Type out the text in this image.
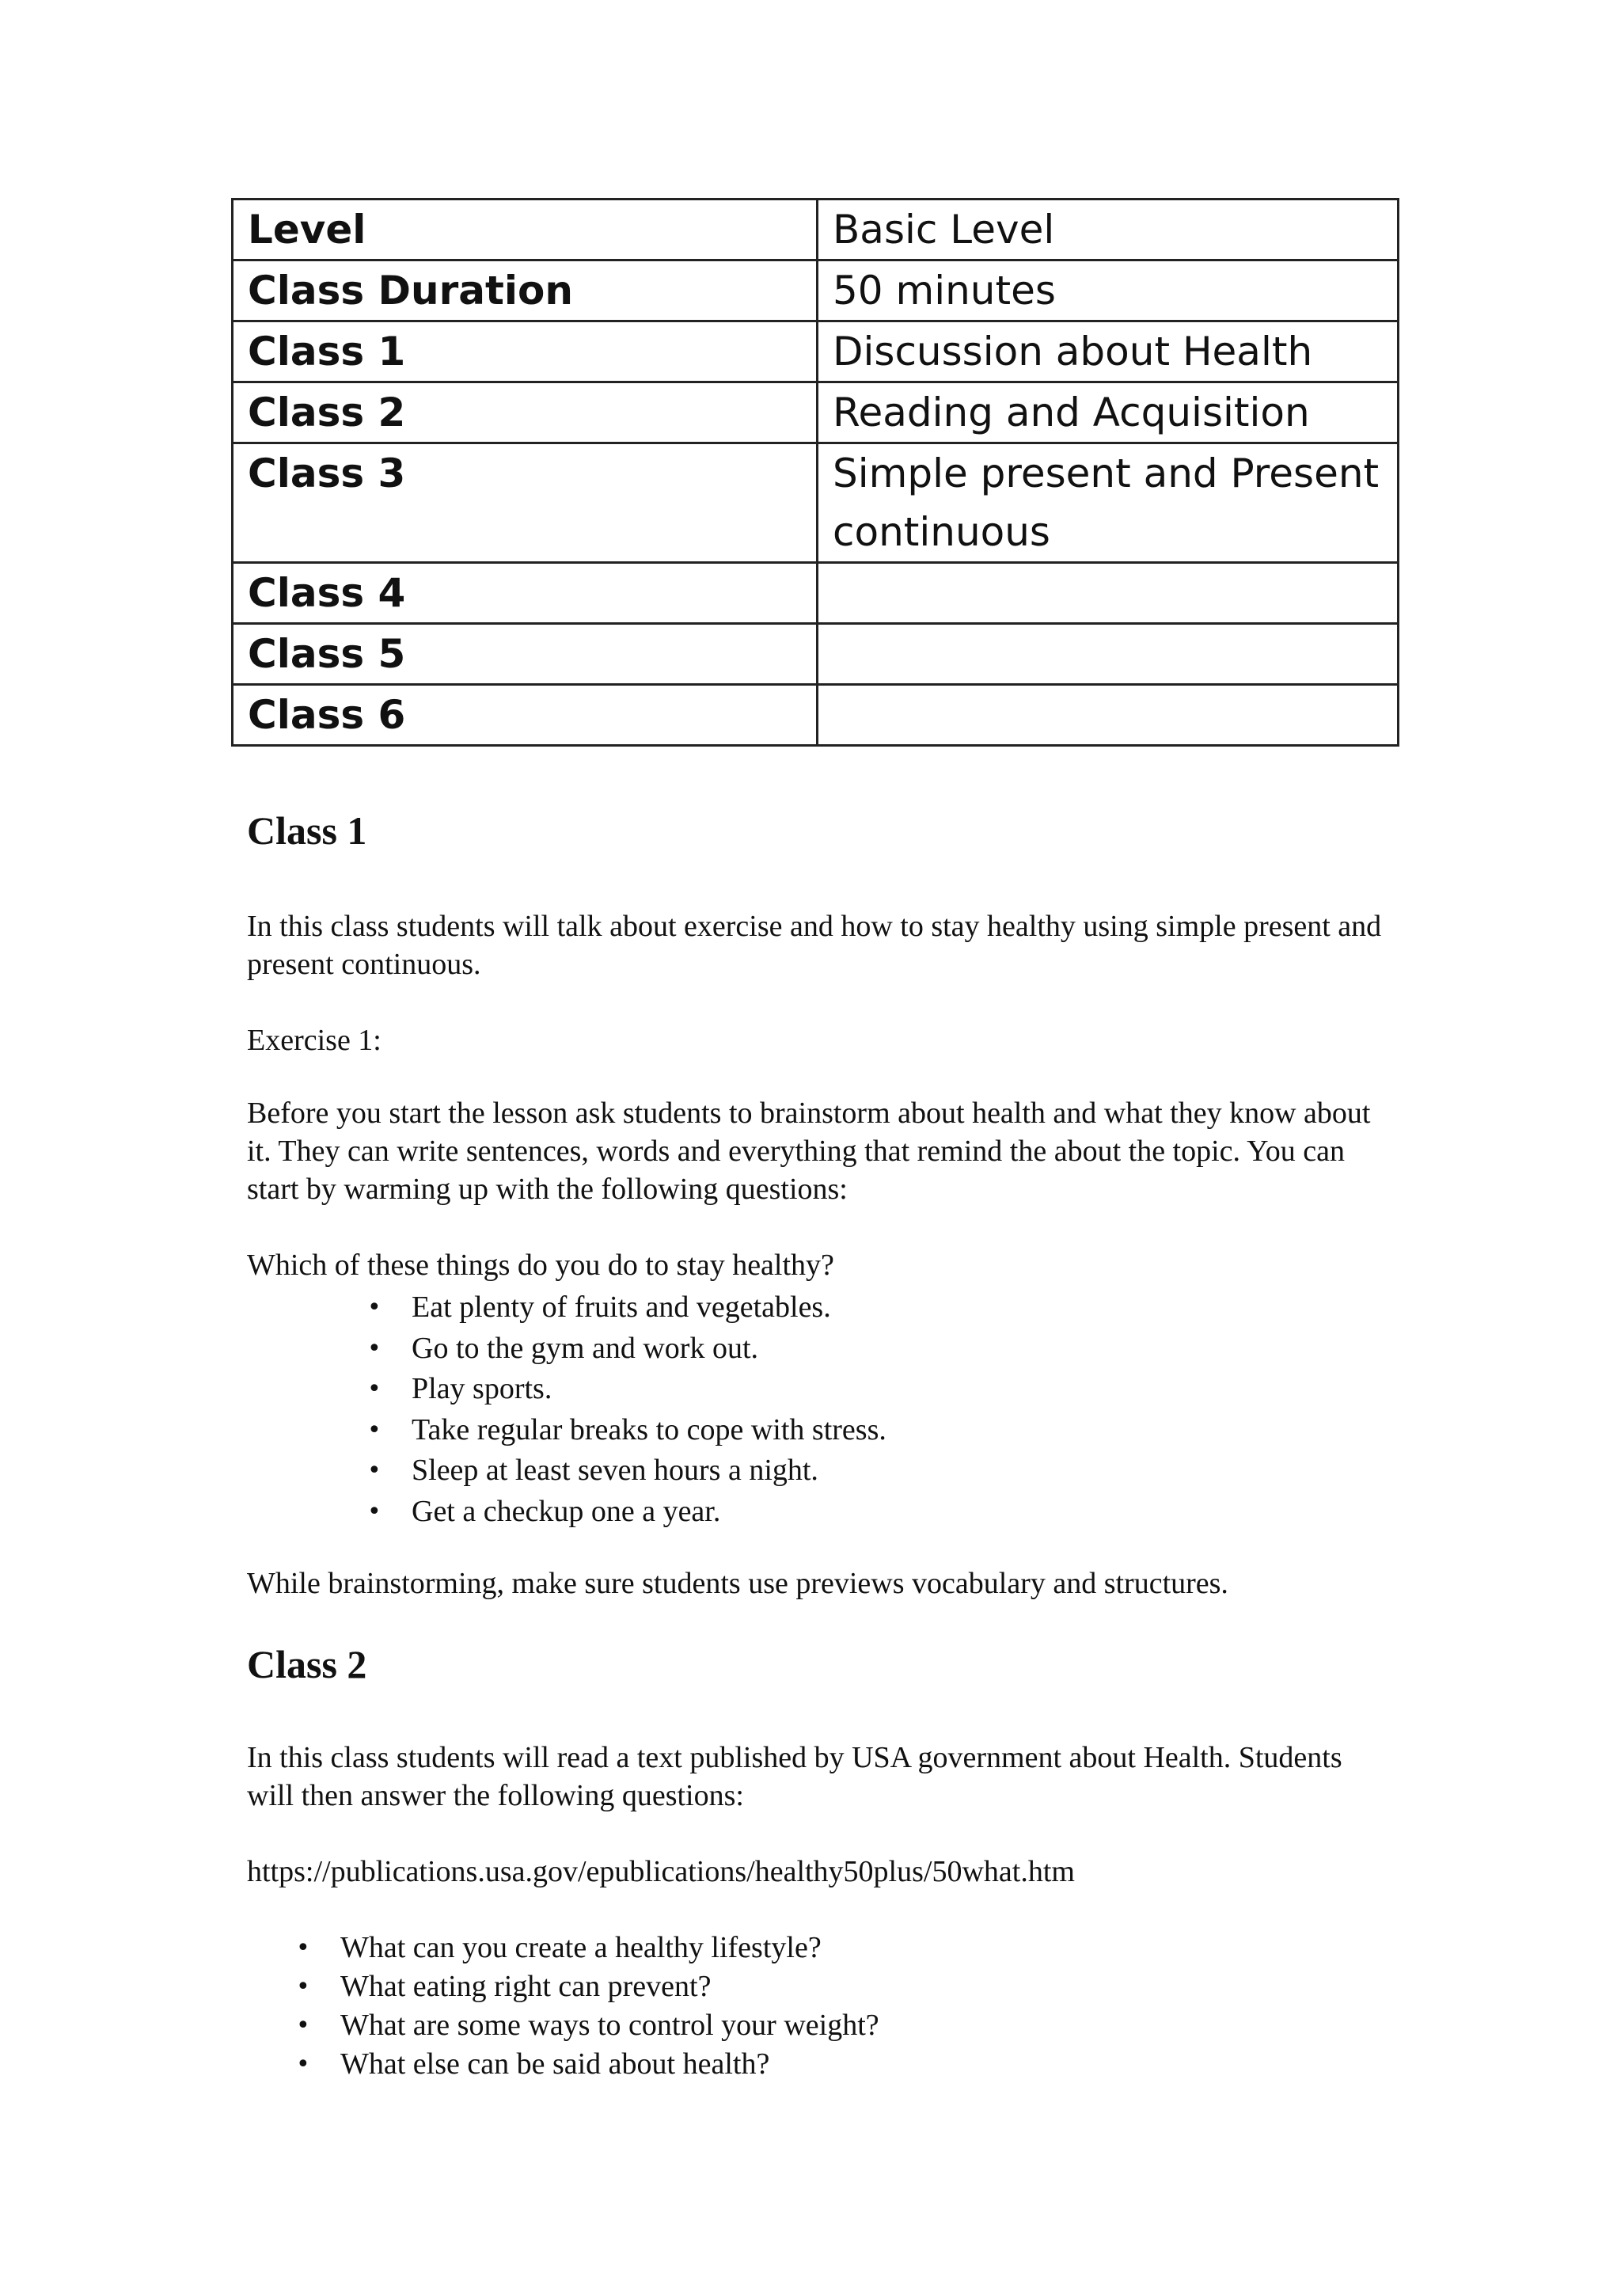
Level	Basic Level
Class Duration	50 minutes
Class 1	Discussion about Health
Class 2	Reading and Acquisition
Class 3	Simple present and Present continuous
Class 4	
Class 5	
Class 6	
Class 1

In this class students will talk about exercise and how to stay healthy using simple present and present continuous.

Exercise 1:

Before you start the lesson ask students to brainstorm about health and what they know about it. They can write sentences, words and everything that remind the about the topic. You can start by warming up with the following questions:

Which of these things do you do to stay healthy?

• Eat plenty of fruits and vegetables.
• Go to the gym and work out.
• Play sports.
• Take regular breaks to cope with stress.
• Sleep at least seven hours a night.
• Get a checkup one a year.

While brainstorming, make sure students use previews vocabulary and structures.

Class 2

In this class students will read a text published by USA government about Health. Students will then answer the following questions:

https://publications.usa.gov/epublications/healthy50plus/50what.htm

• What can you create a healthy lifestyle?
• What eating right can prevent?
• What are some ways to control your weight?
• What else can be said about health?
